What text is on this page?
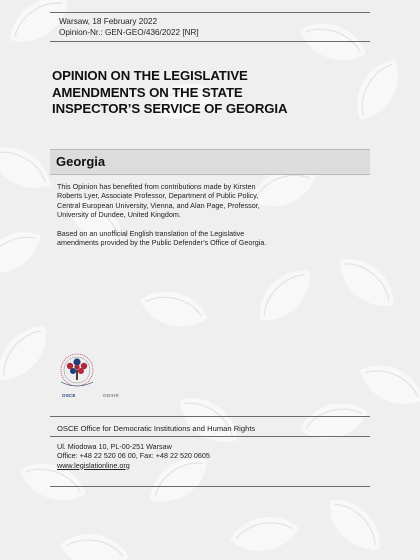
Warsaw, 18 February 2022
Opinion-Nr.: GEN-GEO/436/2022 [NR]
OPINION ON THE LEGISLATIVE
AMENDMENTS ON THE STATE
INSPECTOR’S SERVICE OF GEORGIA
Georgia
This Opinion has benefited from contributions made by Kirsten
Roberts Lyer, Associate Professor, Department of Public Policy,
Central European University, Vienna, and Alan Page, Professor,
University of Dundee, United Kingdom.
Based on an unofficial English translation of the Legislative
amendments provided by the Public Defender’s Office of Georgia.
OSCE	ODIHR
OSCE Office for Democratic Institutions and Human Rights
Ul. Miodowa 10, PL-00-251 Warsaw
Office: +48 22 520 06 00, Fax: +48 22 520 0605
www.legislationline.org
